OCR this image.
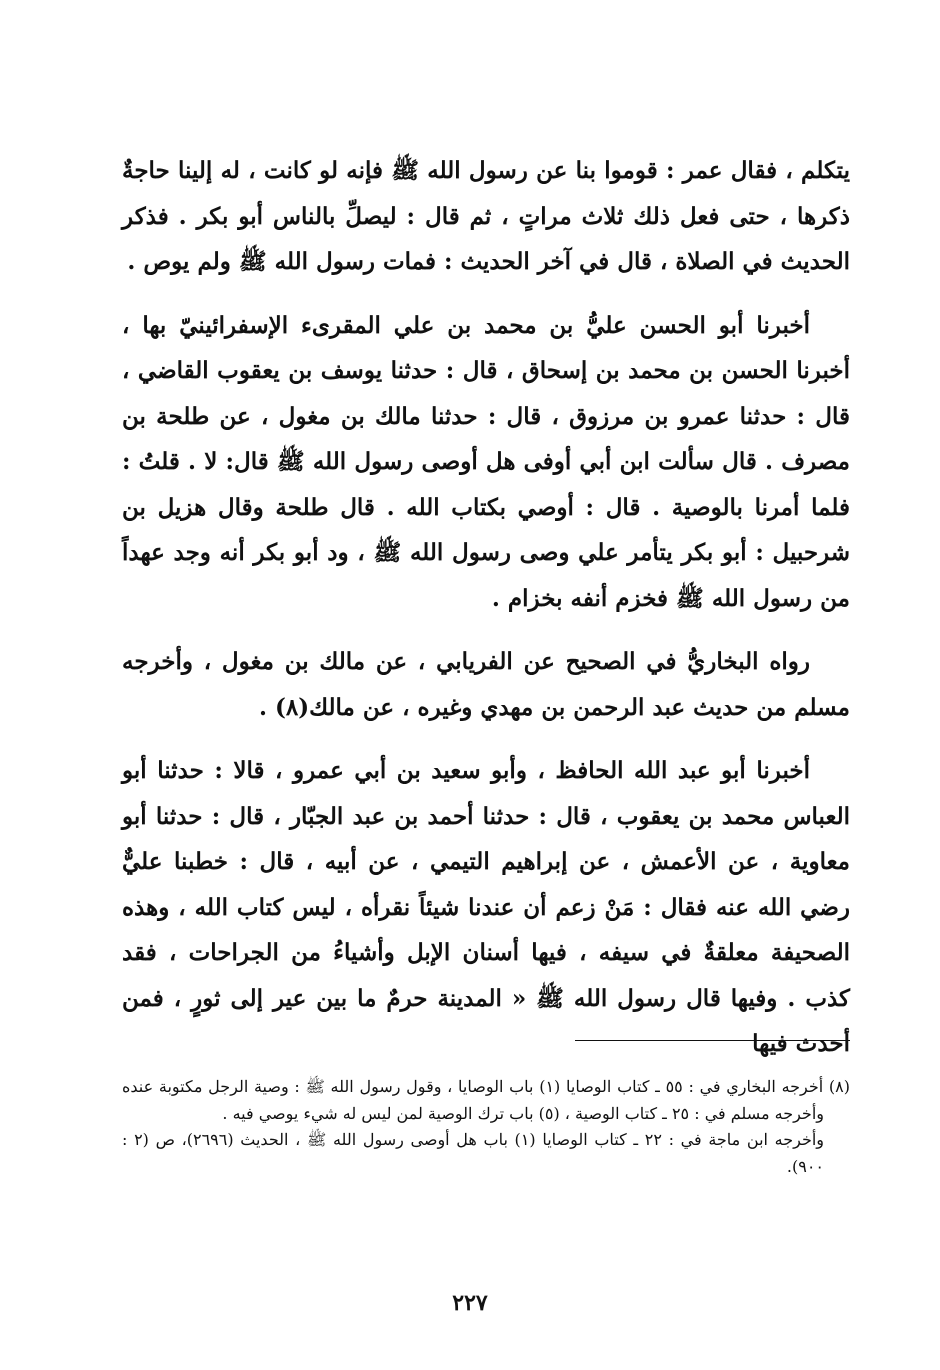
يتكلم ، فقال عمر : قوموا بنا عن رسول الله ﷺ فإنه لو كانت ، له إلينا حاجةٌ ذكرها ، حتى فعل ذلك ثلاث مراتٍ ، ثم قال : ليصلِّ بالناس أبو بكر . فذكر الحديث في الصلاة ، قال في آخر الحديث : فمات رسول الله ﷺ ولم يوص .

أخبرنا أبو الحسن عليُّ بن محمد بن علي المقرىء الإسفرائينيّ بها ، أخبرنا الحسن بن محمد بن إسحاق ، قال : حدثنا يوسف بن يعقوب القاضي ، قال : حدثنا عمرو بن مرزوق ، قال : حدثنا مالك بن مغول ، عن طلحة بن مصرف . قال سألت ابن أبي أوفى هل أوصى رسول الله ﷺ قال: لا . قلتُ : فلما أمرنا بالوصية . قال : أوصي بكتاب الله . قال طلحة وقال هزيل بن شرحبيل : أبو بكر يتأمر علي وصى رسول الله ﷺ ، ود أبو بكر أنه وجد عهداً من رسول الله ﷺ فخزم أنفه بخزام .

رواه البخاريُّ في الصحيح عن الفريابي ، عن مالك بن مغول ، وأخرجه مسلم من حديث عبد الرحمن بن مهدي وغيره ، عن مالك(٨) .

أخبرنا أبو عبد الله الحافظ ، وأبو سعيد بن أبي عمرو ، قالا : حدثنا أبو العباس محمد بن يعقوب ، قال : حدثنا أحمد بن عبد الجبّار ، قال : حدثنا أبو معاوية ، عن الأعمش ، عن إبراهيم التيمي ، عن أبيه ، قال : خطبنا عليٌّ رضي الله عنه فقال : مَنْ زعم أن عندنا شيئاً نقرأه ، ليس كتاب الله ، وهذه الصحيفة معلقةٌ في سيفه ، فيها أسنان الإبل وأشياءُ من الجراحات ، فقد كذب . وفيها قال رسول الله ﷺ « المدينة حرمٌ ما بين عير إلى ثورٍ ، فمن أحدث فيها

(٨) أخرجه البخاري في : ٥٥ ـ كتاب الوصايا (١) باب الوصايا ، وقول رسول الله ﷺ : وصية الرجل مكتوبة عنده وأخرجه مسلم في : ٢٥ ـ كتاب الوصية ، (٥) باب ترك الوصية لمن ليس له شيء يوصي فيه .

وأخرجه ابن ماجة في : ٢٢ ـ كتاب الوصايا (١) باب هل أوصى رسول الله ﷺ ، الحديث (٢٦٩٦)، ص (٢ : ٩٠٠).

٢٢٧
